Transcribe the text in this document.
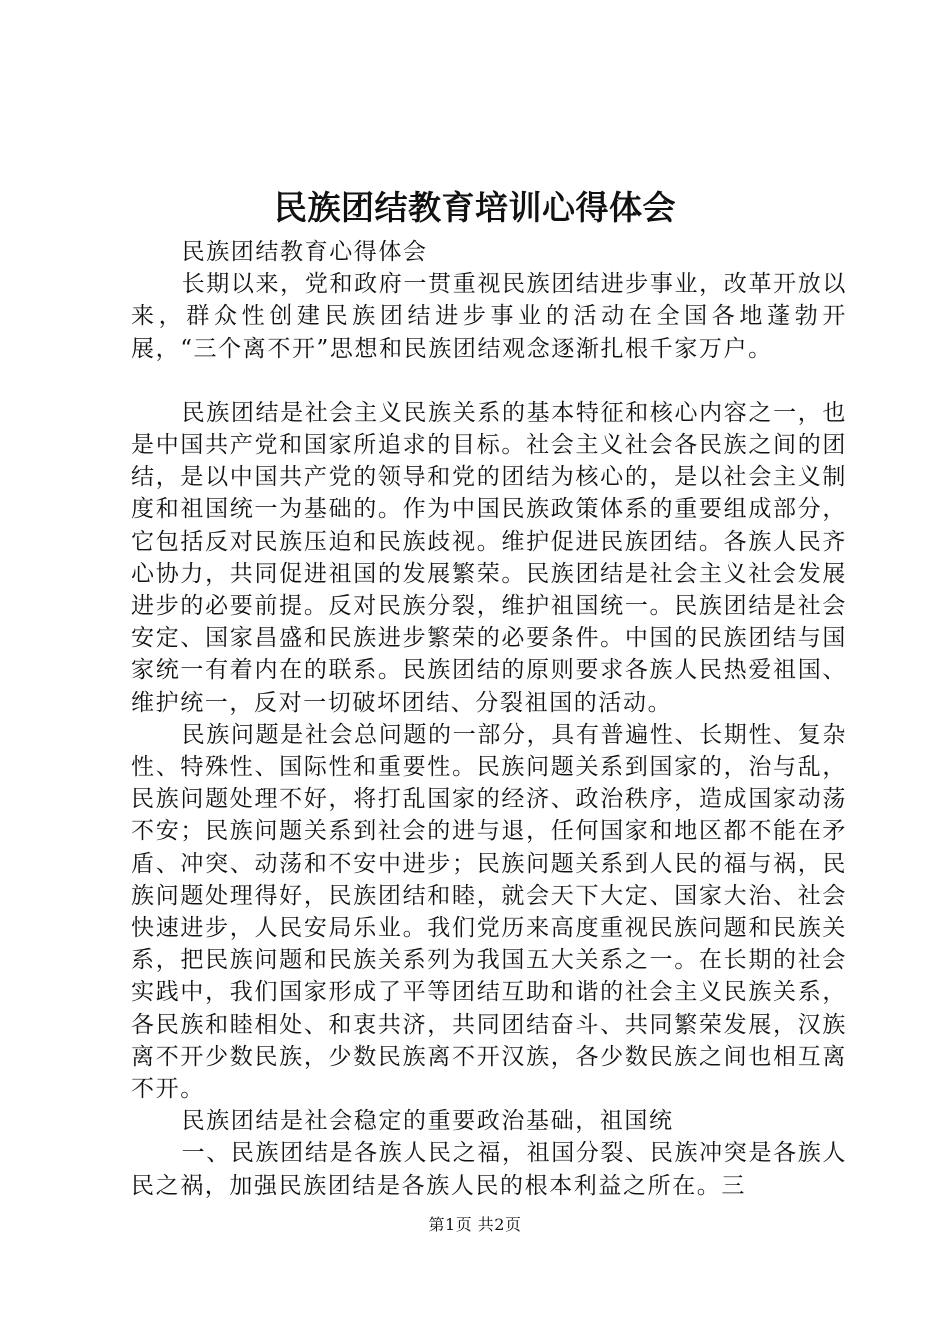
民族团结教育培训心得体会

民族团结教育心得体会

长期以来，党和政府一贯重视民族团结进步事业，改革开放以来，群众性创建民族团结进步事业的活动在全国各地蓬勃开展，“三个离不开”思想和民族团结观念逐渐扎根千家万户。

民族团结是社会主义民族关系的基本特征和核心内容之一，也是中国共产党和国家所追求的目标。社会主义社会各民族之间的团结，是以中国共产党的领导和党的团结为核心的，是以社会主义制度和祖国统一为基础的。作为中国民族政策体系的重要组成部分，它包括反对民族压迫和民族歧视。维护促进民族团结。各族人民齐心协力，共同促进祖国的发展繁荣。民族团结是社会主义社会发展进步的必要前提。反对民族分裂，维护祖国统一。民族团结是社会安定、国家昌盛和民族进步繁荣的必要条件。中国的民族团结与国家统一有着内在的联系。民族团结的原则要求各族人民热爱祖国、维护统一，反对一切破坏团结、分裂祖国的活动。

民族问题是社会总问题的一部分，具有普遍性、长期性、复杂性、特殊性、国际性和重要性。民族问题关系到国家的，治与乱，民族问题处理不好，将打乱国家的经济、政治秩序，造成国家动荡不安；民族问题关系到社会的进与退，任何国家和地区都不能在矛盾、冲突、动荡和不安中进步；民族问题关系到人民的福与祸，民族问题处理得好，民族团结和睦，就会天下大定、国家大治、社会快速进步，人民安局乐业。我们党历来高度重视民族问题和民族关系，把民族问题和民族关系列为我国五大关系之一。在长期的社会实践中，我们国家形成了平等团结互助和谐的社会主义民族关系，各民族和睦相处、和衷共济，共同团结奋斗、共同繁荣发展，汉族离不开少数民族，少数民族离不开汉族，各少数民族之间也相互离不开。

民族团结是社会稳定的重要政治基础，祖国统

一、民族团结是各族人民之福，祖国分裂、民族冲突是各族人民之祸，加强民族团结是各族人民的根本利益之所在。三

第1页 共2页
